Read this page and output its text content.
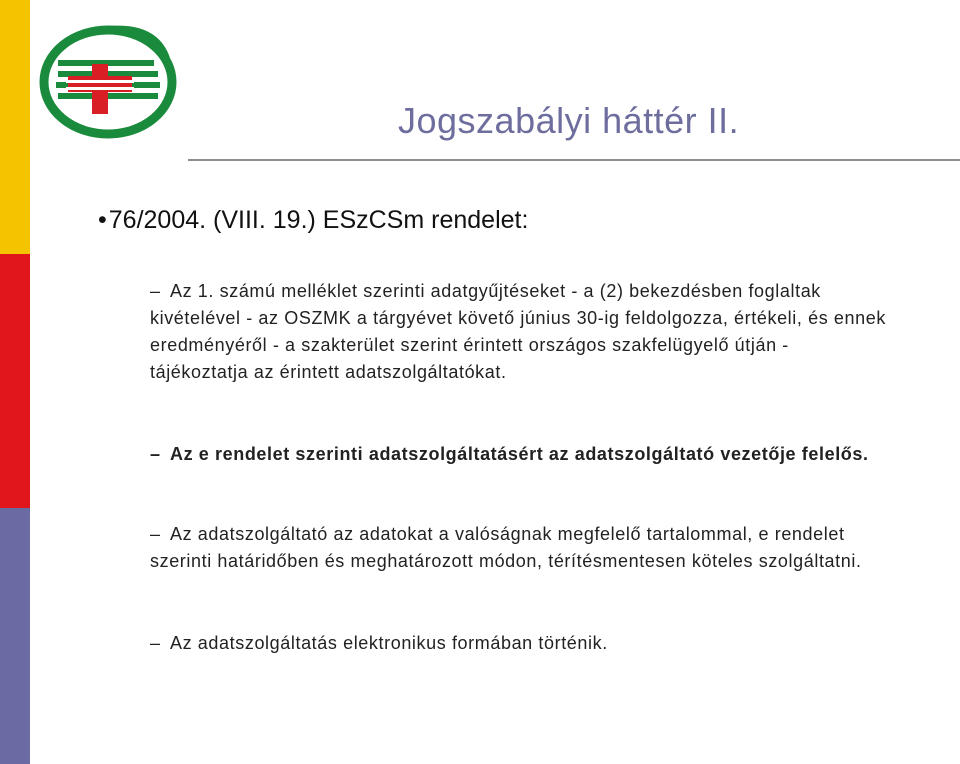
Jogszabályi háttér II.
•76/2004. (VIII. 19.) ESzCSm rendelet:
– Az 1. számú melléklet szerinti adatgyűjtéseket - a (2) bekezdésben foglaltak kivételével - az OSZMK a tárgyévet követő június 30-ig feldolgozza, értékeli, és ennek eredményéről - a szakterület szerint érintett országos szakfelügyelő útján - tájékoztatja az érintett adatszolgáltatókat.
– Az e rendelet szerinti adatszolgáltatásért az adatszolgáltató vezetője felelős.
– Az adatszolgáltató az adatokat a valóságnak megfelelő tartalommal, e rendelet szerinti határidőben és meghatározott módon, térítésmentesen köteles szolgáltatni.
– Az adatszolgáltatás elektronikus formában történik.
